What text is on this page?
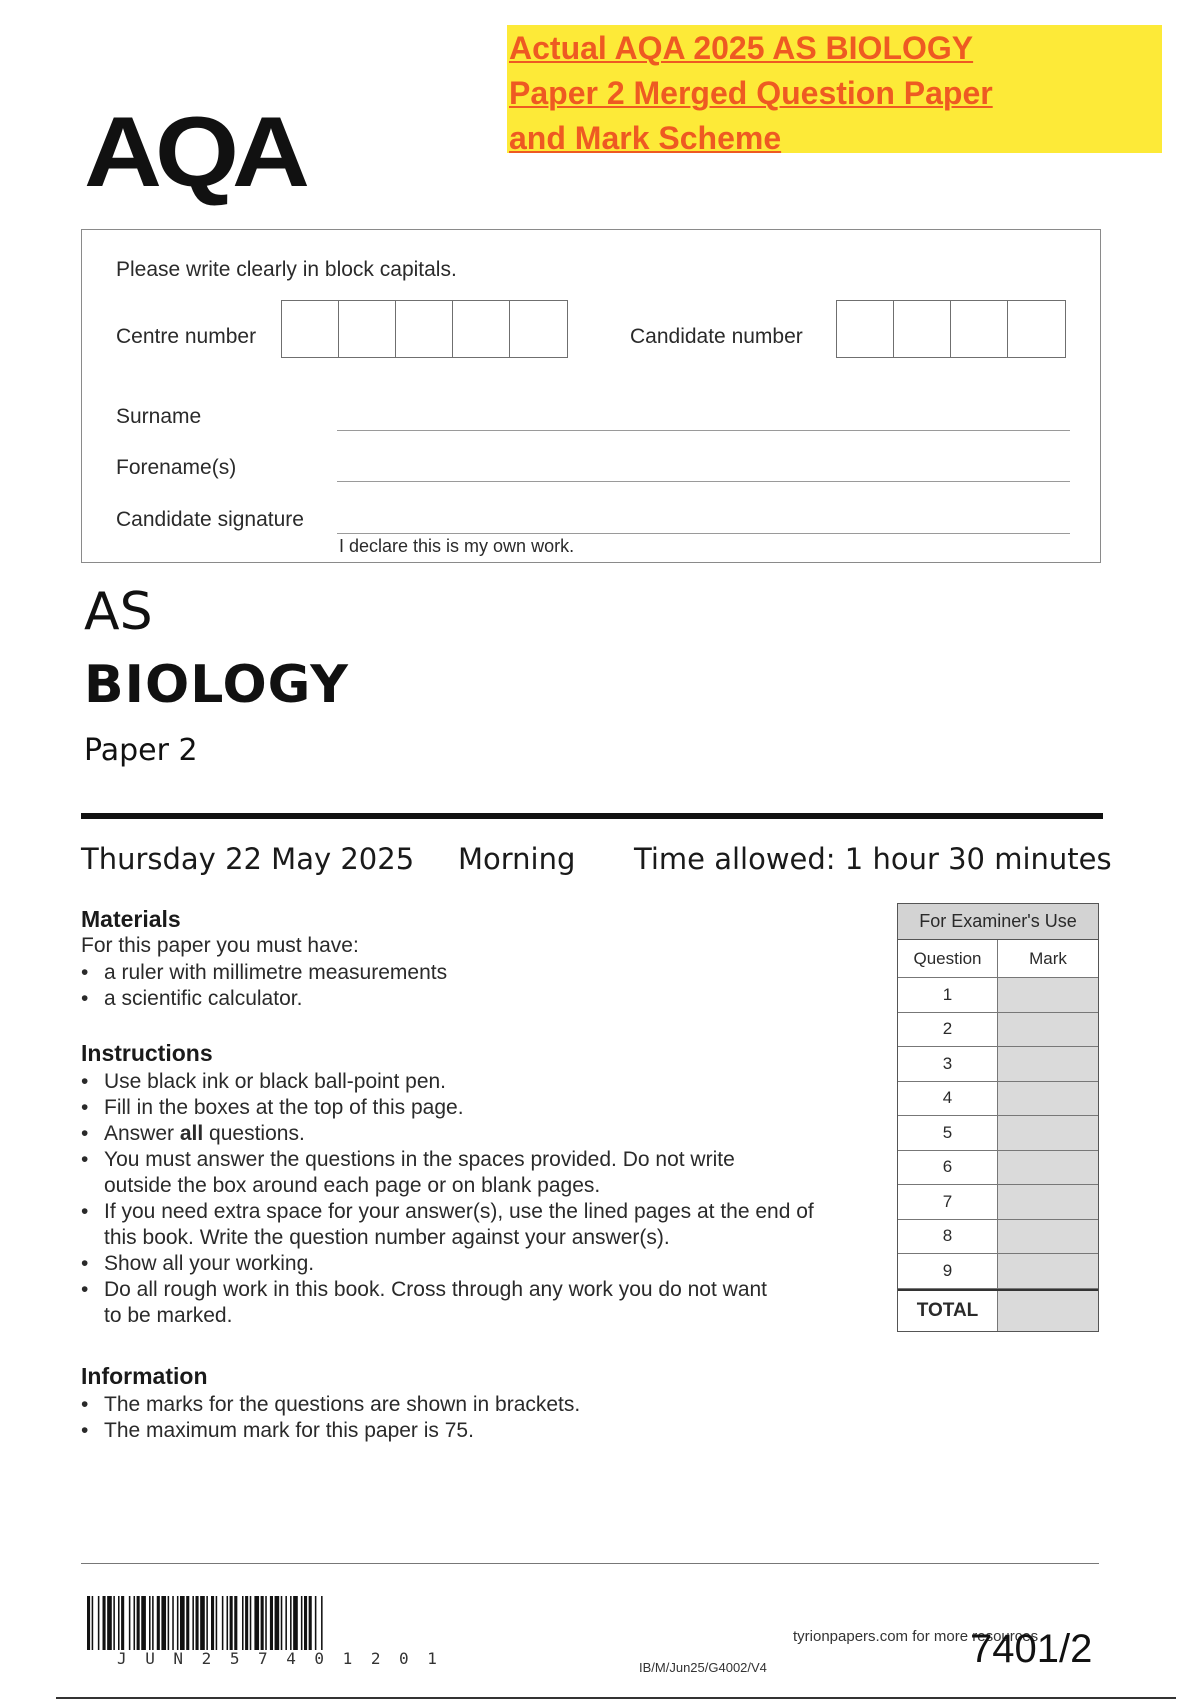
Actual AQA 2025 AS BIOLOGY
Paper 2 Merged Question Paper
and Mark Scheme
AQA
Please write clearly in block capitals.
Centre number	Candidate number
Surname
Forename(s)
Candidate signature
I declare this is my own work.
AS
BIOLOGY
Paper 2
Thursday 22 May 2025 Morning Time allowed: 1 hour 30 minutes
Materials
For this paper you must have:
• a ruler with millimetre measurements
• a scientific calculator.
Instructions
• Use black ink or black ball-point pen.
• Fill in the boxes at the top of this page.
• Answer all questions.
• You must answer the questions in the spaces provided. Do not write
outside the box around each page or on blank pages.
• If you need extra space for your answer(s), use the lined pages at the end of
this book. Write the question number against your answer(s).
• Show all your working.
• Do all rough work in this book. Cross through any work you do not want
to be marked.
Information
• The marks for the questions are shown in brackets.
• The maximum mark for this paper is 75.
For Examiner's Use
Question	Mark
1
2
3
4
5
6
7
8
9
TOTAL
J U N 2 5 7 4 0 1 2 0 1	IB/M/Jun25/G4002/V4
tyrionpapers.com for more resources
7401/2
